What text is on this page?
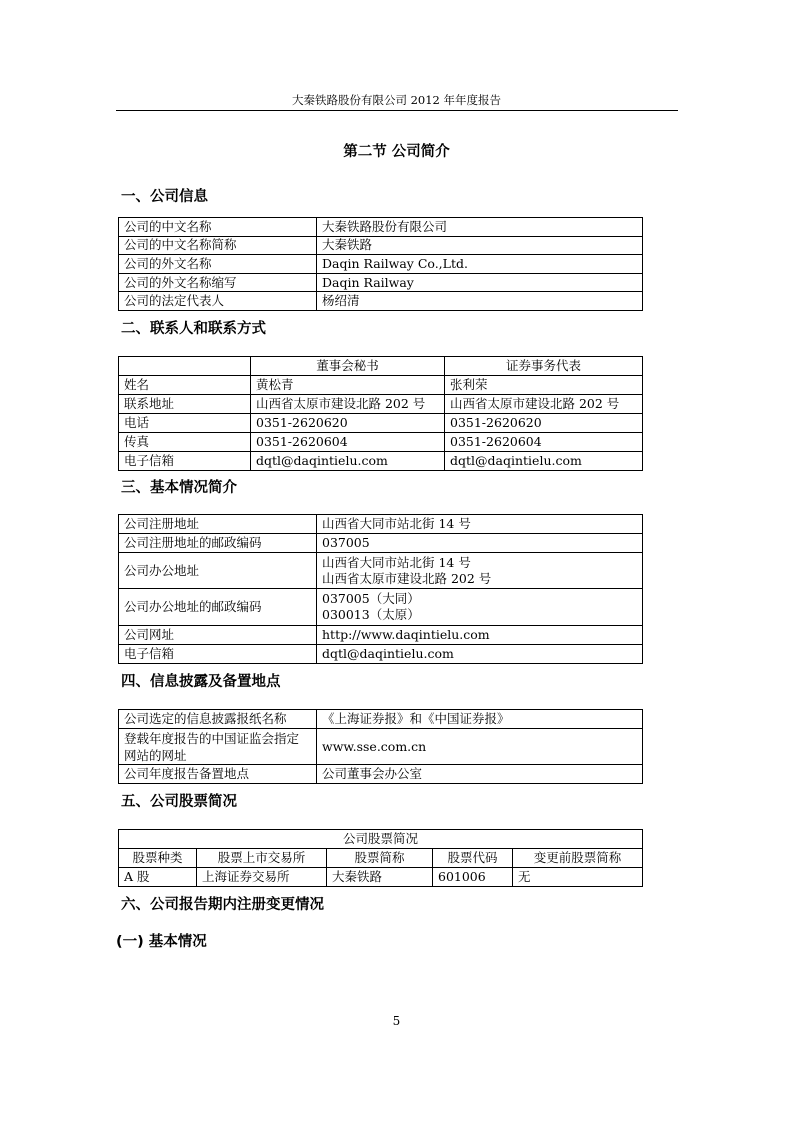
大秦铁路股份有限公司 2012 年年度报告
第二节 公司简介
一、公司信息
公司的中文名称	大秦铁路股份有限公司
公司的中文名称简称	大秦铁路
公司的外文名称	Daqin Railway Co.,Ltd.
公司的外文名称缩写	Daqin Railway
公司的法定代表人	杨绍清
二、联系人和联系方式
	董事会秘书	证券事务代表
姓名	黄松青	张利荣
联系地址	山西省太原市建设北路 202 号	山西省太原市建设北路 202 号
电话	0351-2620620	0351-2620620
传真	0351-2620604	0351-2620604
电子信箱	dqtl@daqintielu.com	dqtl@daqintielu.com
三、基本情况简介
公司注册地址	山西省大同市站北街 14 号
公司注册地址的邮政编码	037005
公司办公地址	山西省大同市站北街 14 号
山西省太原市建设北路 202 号

公司办公地址的邮政编码	037005（大同）
030013（太原）

公司网址	http://www.daqintielu.com
电子信箱	dqtl@daqintielu.com
四、信息披露及备置地点
公司选定的信息披露报纸名称	《上海证券报》和《中国证券报》
登载年度报告的中国证监会指定网站的网址	www.sse.com.cn
公司年度报告备置地点	公司董事会办公室
五、公司股票简况
公司股票简况				
股票种类	股票上市交易所	股票简称	股票代码	变更前股票简称
A 股	上海证券交易所	大秦铁路	601006	无
六、公司报告期内注册变更情况
(一) 基本情况
5
